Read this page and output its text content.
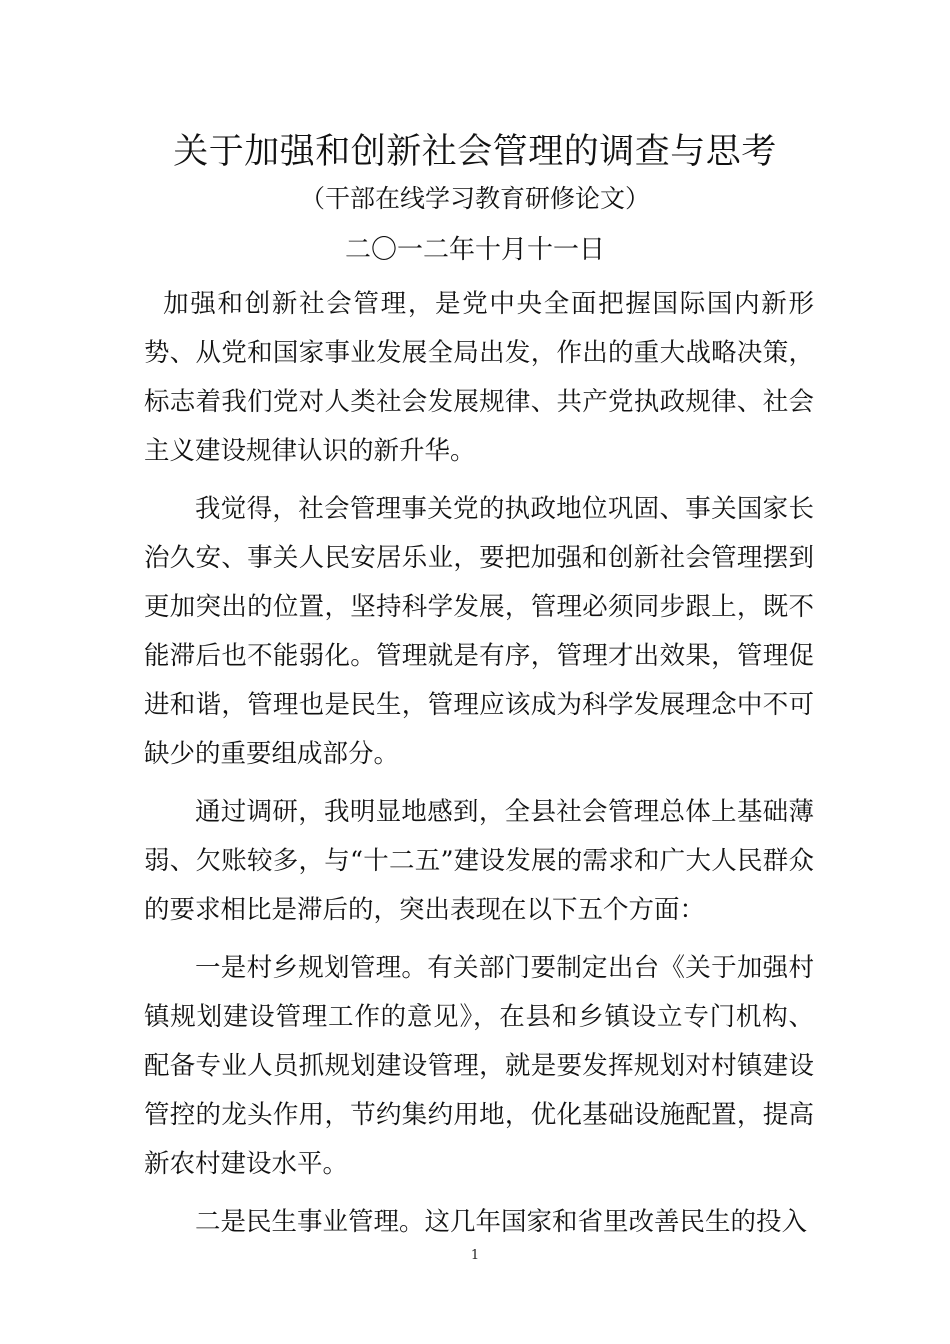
关于加强和创新社会管理的调查与思考
（干部在线学习教育研修论文）
二〇一二年十月十一日

加强和创新社会管理，是党中央全面把握国际国内新形势、从党和国家事业发展全局出发，作出的重大战略决策，标志着我们党对人类社会发展规律、共产党执政规律、社会主义建设规律认识的新升华。

我觉得，社会管理事关党的执政地位巩固、事关国家长治久安、事关人民安居乐业，要把加强和创新社会管理摆到更加突出的位置，坚持科学发展，管理必须同步跟上，既不能滞后也不能弱化。管理就是有序，管理才出效果，管理促进和谐，管理也是民生，管理应该成为科学发展理念中不可缺少的重要组成部分。

通过调研，我明显地感到，全县社会管理总体上基础薄弱、欠账较多，与“十二五”建设发展的需求和广大人民群众的要求相比是滞后的，突出表现在以下五个方面：

一是村乡规划管理。有关部门要制定出台《关于加强村镇规划建设管理工作的意见》，在县和乡镇设立专门机构、配备专业人员抓规划建设管理，就是要发挥规划对村镇建设管控的龙头作用，节约集约用地，优化基础设施配置，提高新农村建设水平。

二是民生事业管理。这几年国家和省里改善民生的投入

1
